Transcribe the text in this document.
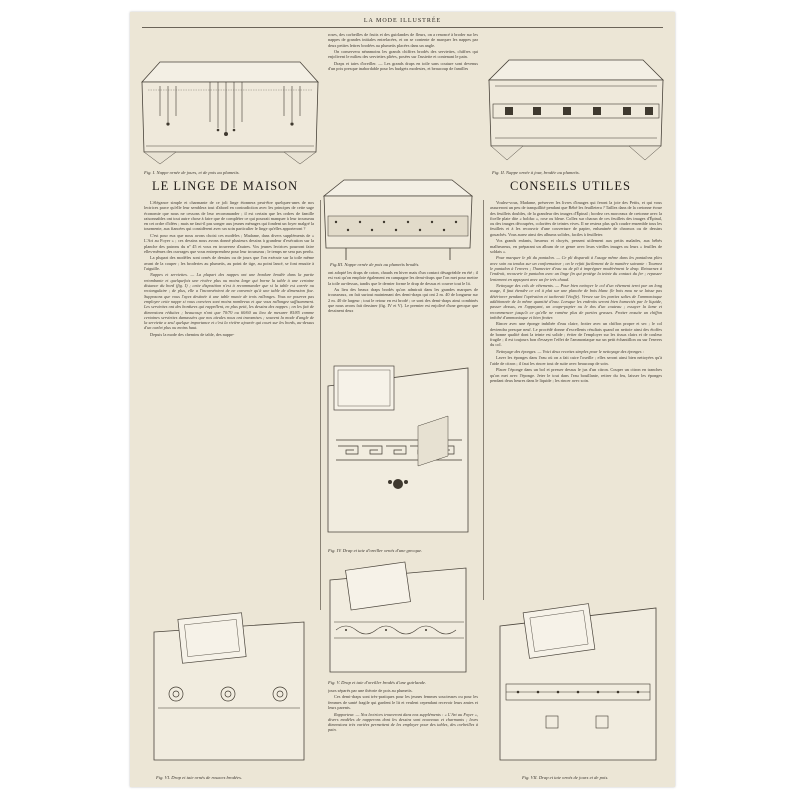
LA MODE ILLUSTRÉE
Fig. I. Nappe ornée de jours, et de pois au plumetis.

roses, des corbeilles de fruits et des guirlandes de fleurs, on a renoncé à broder sur les nappes de grandes initiales entrelacées, et on se contente de marquer les nappes par deux petites lettres brodées au plumetis placées dans un angle.

On conservera néanmoins les grands chiffres brodés des serviettes, chiffres qui enjolivent le milieu des serviettes pliées, posées sur l'assiette et contenant le pain.

Draps et taies d'oreiller. — Les grands draps en toile sans couture sont devenus d'un prix presque inabordable pour les budgets modestes, et beaucoup de familles

Fig. II. Nappe ornée à jour, brodée au plumetis.
LE LINGE DE MAISON	CONSEILS UTILES
Fig.III. Nappe ornée de pois au plumetis brodés.

L'élégance simple et charmante de ce joli linge étonnera peut-être quelques-unes de nos lectrices parce qu'elle leur semblera tout d'abord en contradiction avec les principes de cette sage économie que nous ne cessons de leur recommander ; il est certain que les ordres de famille raisonnables ont tout autre chose à faire que de compléter ce qui pourrait manquer à leur trousseau en cet ordre d'idées ; mais ne faut-il pas songer aux jeunes ménages qui fondent un foyer malgré la tourmente, aux fiancées qui considèrent avec un soin particulier le linge qu'elles apporteront ?

C'est pour eux que nous avons choisi ces modèles ; Madame, dans divers suppléments de « L'Art au Foyer » ; ces dessins nous avons donné plusieurs dessins à grandeur d'exécution sur la planche des patrons du nº 45 et vous en trouverez d'autres. Vos jeunes lectrices pourront faire elles-mêmes des ouvrages que vous entreprendrez pour leur trousseau ; le temps ne sera pas perdu.

La plupart des modèles sont ornés de dessins ou de jours que l'on exécute sur la toile même avant de la couper ; les broderies au plumetis, au point de tige, au point lancé, se font ensuite à l'aiguille.

Nappes et serviettes. — La plupart des nappes ont une bordure brodée dans la partie retombante et quelquefois une rivière plus ou moins large qui borne la table à une certaine distance du bord (fig. I) ; cette disposition n'est à recommander que si la table est carrée ou rectangulaire ; de plus, elle a l'inconvénient de ne convenir qu'à une table de dimension fixe. Supposons que vous l'ayez destinée à une table munie de trois rallonges. Vous ne pourrez pas employer cette nappe si vous convives sont moins nombreux et que vous rallongez suffisamment. Les serviettes ont des bordures qui rappellent, en plus petit, les dessins des nappes ; on les fait de dimensions réduites ; beaucoup n'ont que 70/70 ou 60/60 au lieu de mesurer 85/85 comme certaines serviettes damassées que nos aïeules nous ont transmises ; souvent la mode d'angle de la serviette a seul quelque importance et c'est la rivière ajourée qui court sur les bords, au-dessus d'un ourlet plus ou moins haut.

Depuis la mode des chemins de table, des nappe-

ont adopté les draps de coton, chauds en hiver mais d'un contact désagréable en été ; il est vrai qu'on emploie également en campagne les demi-draps que l'on met pour mettre la toile au-dessus, tandis que le dernier forme le drap de dessus et couvre tout le lit.

Au lieu des beaux draps brodés qu'on admirait dans les grandes marques de trousseaux, on fait surtout maintenant des demi-draps qui ont 2 m. 40 de longueur sur 2 m. 40 de largeur ; tout le retour en est brodé ; ce sont des demi-draps ainsi combinés que nous avons fait dessiner (fig. IV et V). Le premier est enjolivé d'une grecque que dessinent deux

Fig. IV. Drap et taie d'oreiller ornés d'une grecque.
Fig. V. Drap et taie d'oreiller brodés d'une guirlande.

jours séparés par une théorie de pois au plumetis.

Ces demi-draps sont très-pratiques pour les jeunes femmes soucieuses ou pour les femmes de santé fragile qui gardent le lit et veulent cependant recevoir leurs amies et leurs parents.

Rapporteur. — Nos lectrices trouveront dans nos suppléments : « L'Art au Foyer », divers modèles de napperons dont les dessins sont nouveaux et charmants ; leurs dimensions très variées permettent de les employer pour des tables, des corbeilles à pain.

Fig. VI. Drap et taie ornés de rosaces brodées.

Voulez-vous, Madame, préserver les livres d'images qui feront la joie des Petits, et qui vous assureront un peu de tranquillité pendant que Bébé les feuilletera ? Taillez dans de la cretonne écrue des feuillets doubles, de la grandeur des images d'Épinal ; bordez ces morceaux de cretonne avec la ficelle plate dite « bolduc », rose ou bleue. Collez sur chacun de ces feuillets des images d'Épinal, ou des images découpées, coloriées de teintes vives. Il ne restera plus qu'à coudre ensemble tous les feuillets et à les recouvrir d'une couverture de papier, enluminée de chromos ou de dessins gouachés. Vous aurez ainsi des albums solides, faciles à feuilleter.

Vos grands enfants, heureux et choyés, pensent utilement aux petits malades, aux bébés malheureux, en préparant un album de ce genre avec leurs vieilles images ou leurs « feuilles de soldats ».

Pour marquer le pli du pantalon. — Ce pli disparaît à l'usage même dans les pantalons plies avec soin ou tendus sur un conformateur ; on le refait facilement de la manière suivante : Tournez le pantalon à l'envers ; l'humecter d'eau ou de pli à imprégner modérément le drap. Retournez à l'endroit, recouvrir le pantalon avec un linge fin qui protège la teinte du contact du fer ; repasser lentement en appuyant avec un fer très chaud.

Nettoyage des cols de vêtements. — Pour bien nettoyer le col d'un vêtement terni par un long usage, il faut étendre ce col à plat sur une planche de bois blanc (le bois mou ne se laisse pas détériorer pendant l'opération et tacherait l'étoffe). Versez sur les parties salies de l'ammoniaque additionnée de la même quantité d'eau. Lorsque les endroits seront bien humectés par le liquide, passer dessus, en l'appuyant, un coupe-papier ou le dos d'un couteau ; essuyer la lame et recommencer jusqu'à ce qu'elle ne ramène plus de parties grasses. Frotter ensuite un chiffon imbibé d'ammoniaque et bien frotter.

Rincer avec une éponge imbibée d'eau claire, frotter avec un chiffon propre et sec ; le col deviendra presque neuf. Le procédé donne d'excellents résultats quand on nettoie ainsi des étoffes de bonne qualité dont la teinte est solide ; éviter de l'employer sur les tissus clairs et de couleur fragile ; il est toujours bon d'essayer l'effet de l'ammoniaque sur un petit échantillon ou sur l'envers du col.

Nettoyage des éponges. — Voici deux recettes simples pour le nettoyage des éponges :

Laver les éponges dans l'eau où on a fait cuire l'oseille ; elles seront ainsi bien nettoyées qu'à l'aide de citron ; il faut les rincer tout de suite avec beaucoup de soin.

Placer l'éponge dans un bol et presser dessus le jus d'un citron. Couper un citron en tranches qu'on met avec l'éponge. Jeter le tout dans l'eau bouillante, retirer du feu, laisser les éponges pendant deux heures dans le liquide ; les rincer avec soin.

Fig. VII. Drap et taie ornés de jours et de pois.
